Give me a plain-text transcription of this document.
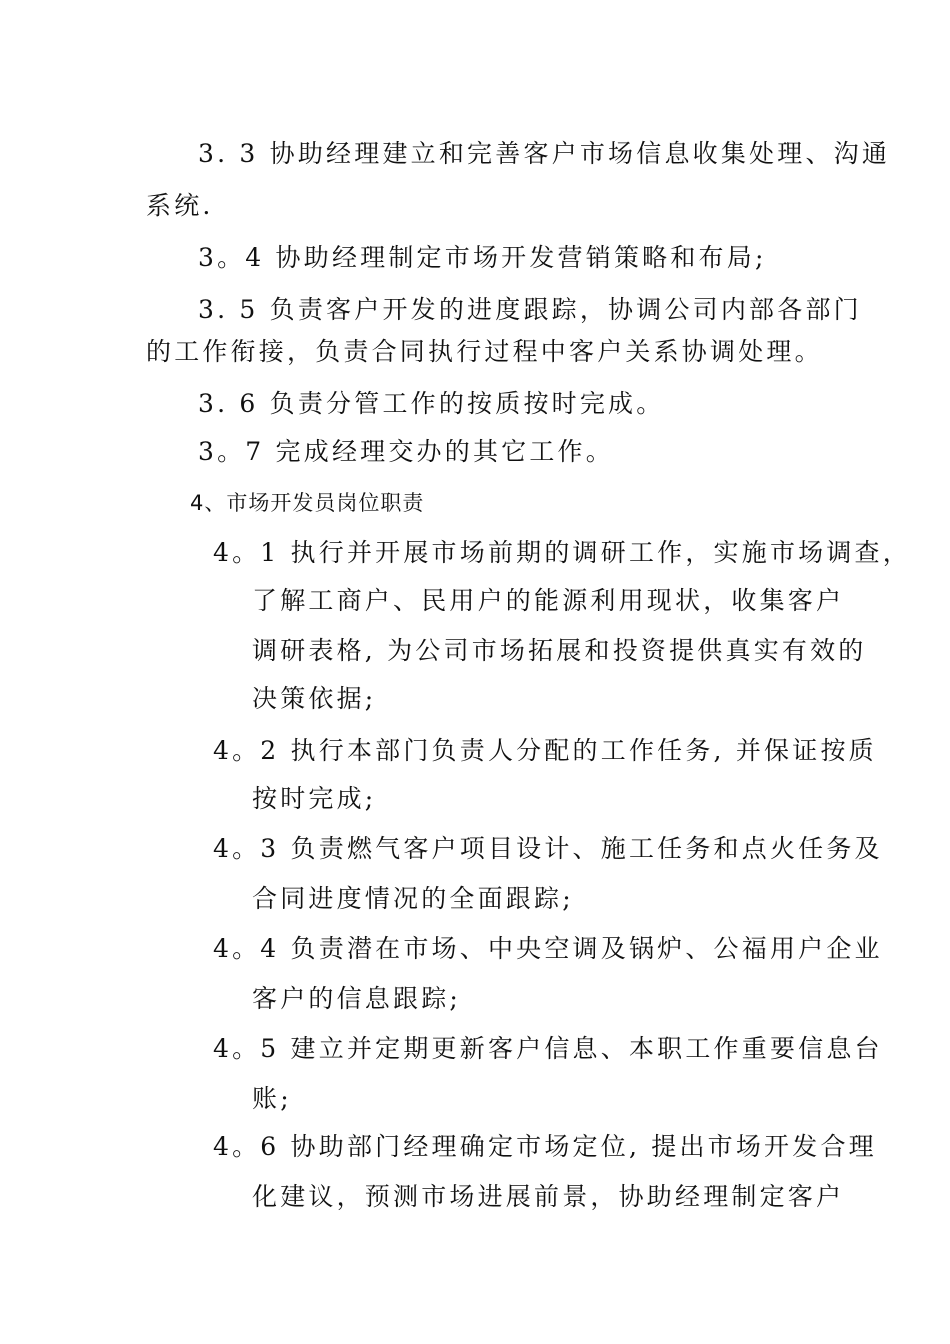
3. 3 协助经理建立和完善客户市场信息收集处理、沟通
系统.
3。4 协助经理制定市场开发营销策略和布局;
3. 5 负责客户开发的进度跟踪，协调公司内部各部门
的工作衔接，负责合同执行过程中客户关系协调处理。
3. 6 负责分管工作的按质按时完成。
3。7 完成经理交办的其它工作。
4、市场开发员岗位职责
4。1 执行并开展市场前期的调研工作，实施市场调查，
了解工商户、民用户的能源利用现状，收集客户
调研表格, 为公司市场拓展和投资提供真实有效的
决策依据;
4。2 执行本部门负责人分配的工作任务, 并保证按质
按时完成;
4。3 负责燃气客户项目设计、施工任务和点火任务及
合同进度情况的全面跟踪;
4。4 负责潜在市场、中央空调及锅炉、公福用户企业
客户的信息跟踪;
4。5 建立并定期更新客户信息、本职工作重要信息台
账;
4。6 协助部门经理确定市场定位, 提出市场开发合理
化建议，预测市场进展前景，协助经理制定客户
